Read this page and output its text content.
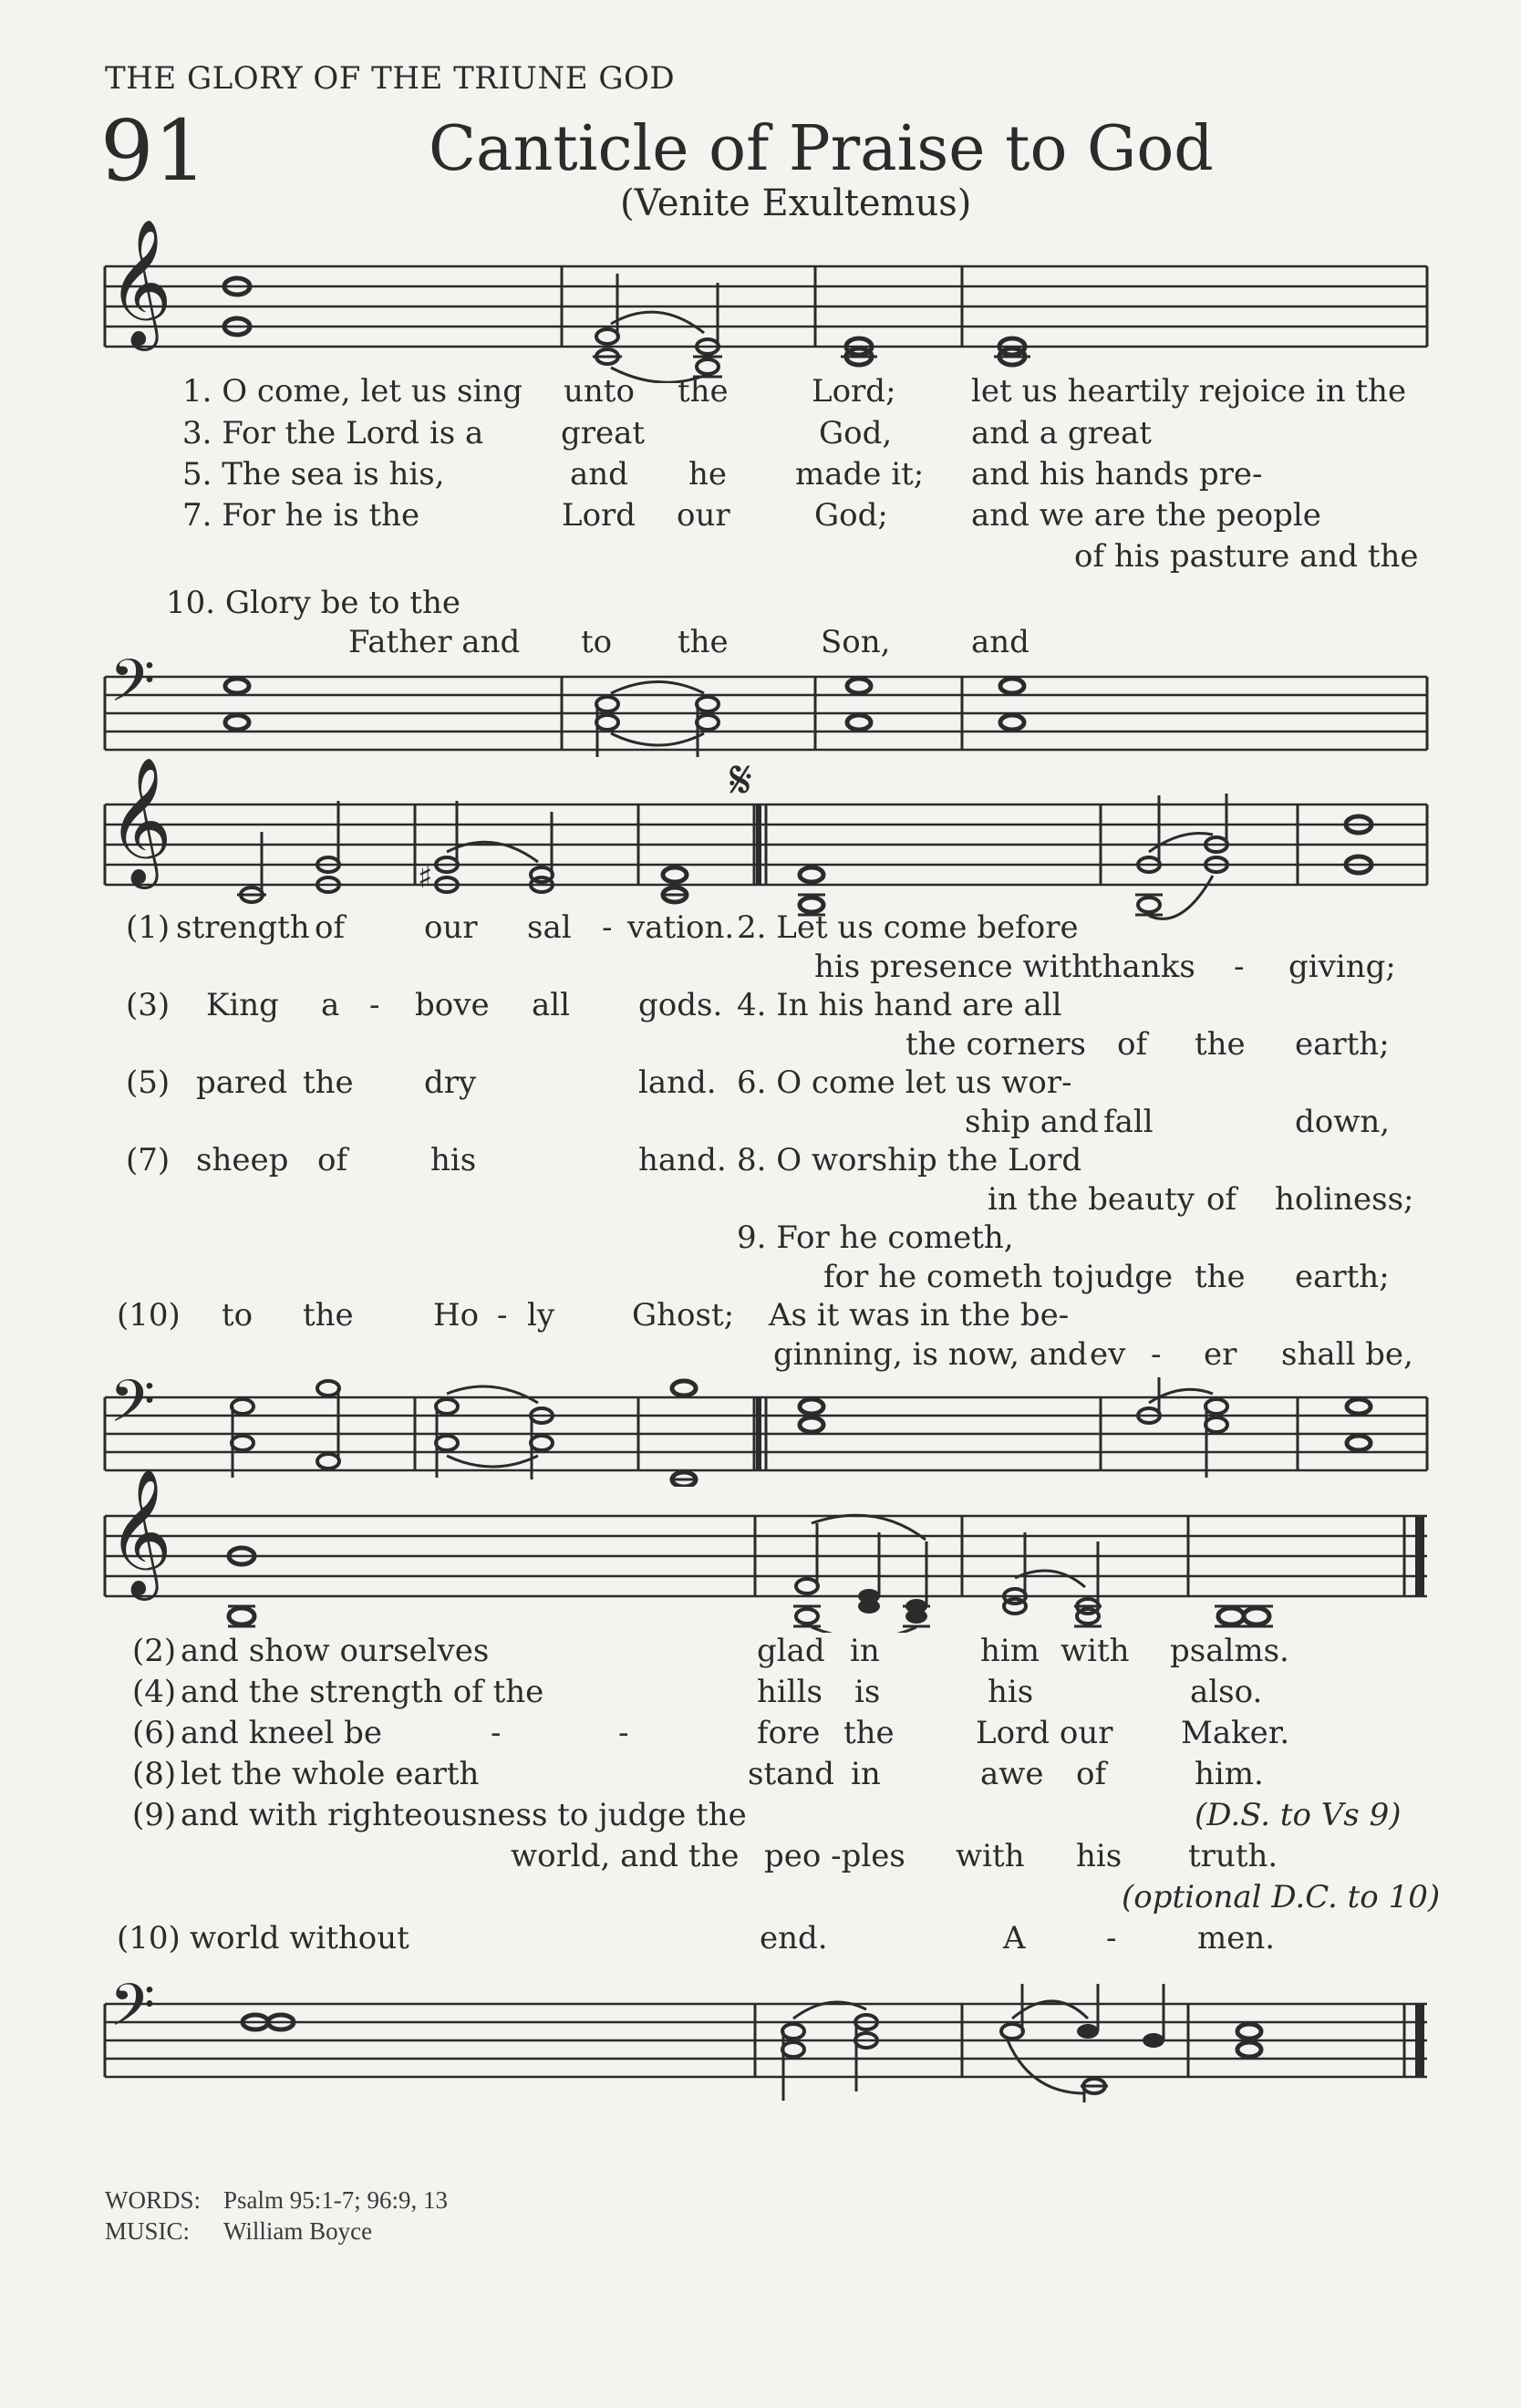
THE GLORY OF THE TRIUNE GOD
91	Canticle of Praise to God
(Venite Exultemus)
𝄞
1. O come, let us sing unto the	Lord; let us heartily rejoice in the
3. For the Lord is a great	God,	and a great
5. The sea is his,	and he made it; and his hands pre-
7. For he is the	Lord our	God;	and we are the people
of his pasture and the
10. Glory be to the
Father and to the	Son,	and
𝄢
𝄋
𝄞	♯
(1) strength of	our sal - vation. 2. Let us come before
his presence with
thanks - giving;
(3) King a - bove all gods. 4. In his hand are all
the corners of the earth;
(5) pared the dry	land. 6. O come let us wor-
ship and fall	down,
(7) sheep of	his	hand. 8. O worship the Lord
in the beauty of holiness;
9. For he cometh,
for he cometh to judge the earth;
(10) to the	Ho - ly Ghost; As it was in the be-
ginning, is now, and ev - er shall be,
𝄢
𝄞
(2) and show ourselves	glad in	him with psalms.
(4) and the strength of the	hills is	his	also.
(6) and kneel be	-	-	fore the	Lord our Maker.
(8) let the whole earth	stand in	awe of	him.
(9) and with righteousness to judge the	(D.S. to Vs 9)
world, and the peo -ples with his truth.
(optional D.C. to 10)
(10) world without	end.	A	-	men.
𝄢
WORDS: Psalm 95:1-7; 96:9, 13
MUSIC: William Boyce
